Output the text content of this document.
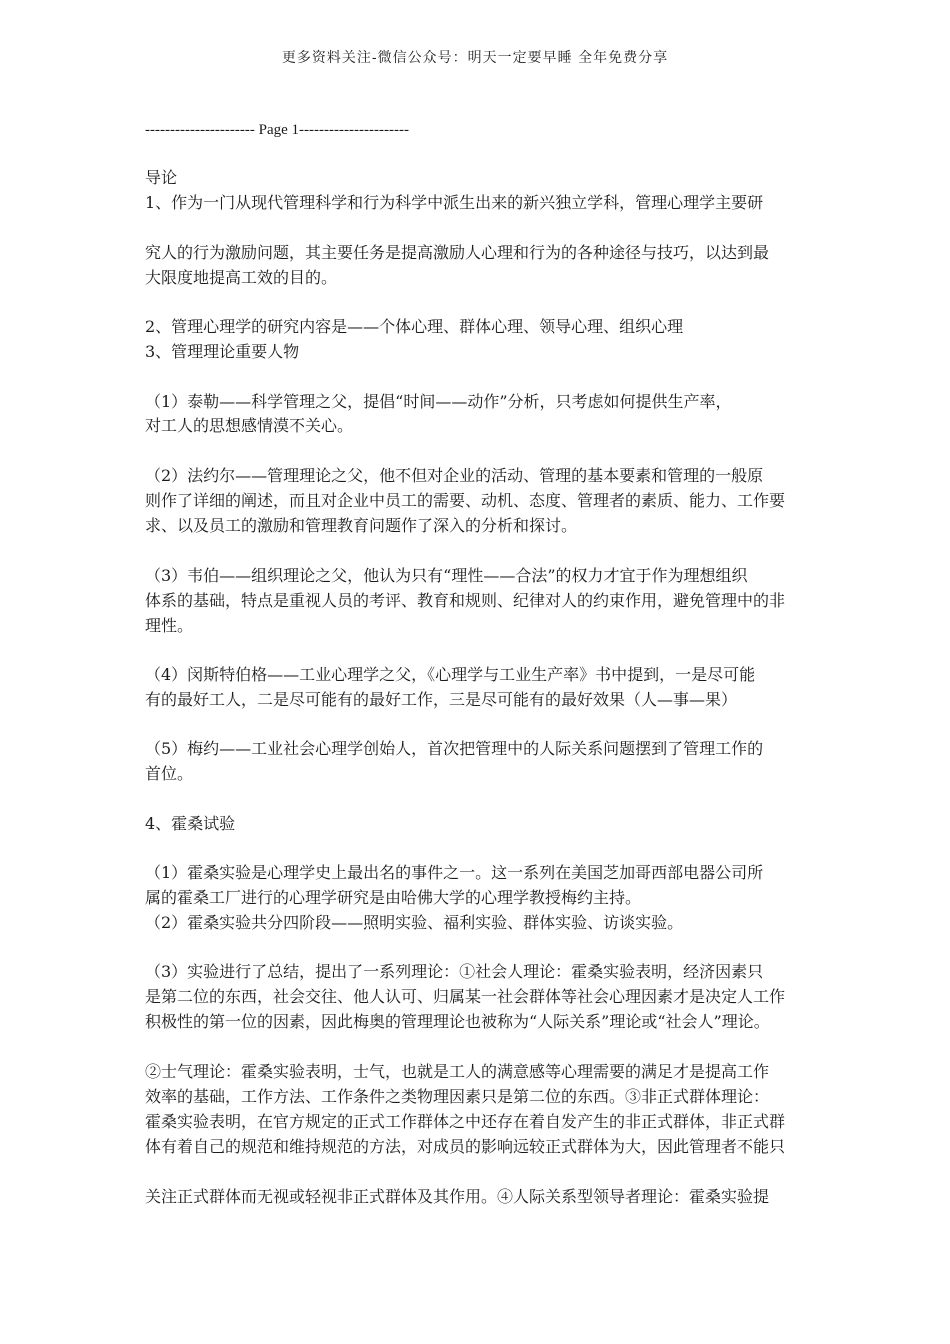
更多资料关注-微信公众号：明天一定要早睡 全年免费分享
---------------------- Page 1----------------------
导论
1、作为一门从现代管理科学和行为科学中派生出来的新兴独立学科，管理心理学主要研
究人的行为激励问题，其主要任务是提高激励人心理和行为的各种途径与技巧，以达到最
大限度地提高工效的目的。
2、管理心理学的研究内容是——个体心理、群体心理、领导心理、组织心理
3、管理理论重要人物
（1）泰勒——科学管理之父，提倡“时间——动作”分析，只考虑如何提供生产率，
对工人的思想感情漠不关心。
（2）法约尔——管理理论之父，他不但对企业的活动、管理的基本要素和管理的一般原
则作了详细的阐述，而且对企业中员工的需要、动机、态度、管理者的素质、能力、工作要
求、以及员工的激励和管理教育问题作了深入的分析和探讨。
（3）韦伯——组织理论之父，他认为只有“理性——合法”的权力才宜于作为理想组织
体系的基础，特点是重视人员的考评、教育和规则、纪律对人的约束作用，避免管理中的非
理性。
（4）闵斯特伯格——工业心理学之父，《心理学与工业生产率》书中提到，一是尽可能
有的最好工人，二是尽可能有的最好工作，三是尽可能有的最好效果（人—事—果）
（5）梅约——工业社会心理学创始人，首次把管理中的人际关系问题摆到了管理工作的
首位。
4、霍桑试验
（1）霍桑实验是心理学史上最出名的事件之一。这一系列在美国芝加哥西部电器公司所
属的霍桑工厂进行的心理学研究是由哈佛大学的心理学教授梅约主持。
（2）霍桑实验共分四阶段——照明实验、福利实验、群体实验、访谈实验。
（3）实验进行了总结，提出了一系列理论：①社会人理论：霍桑实验表明，经济因素只
是第二位的东西，社会交往、他人认可、归属某一社会群体等社会心理因素才是决定人工作
积极性的第一位的因素，因此梅奥的管理理论也被称为“人际关系”理论或“社会人”理论。
②士气理论：霍桑实验表明，士气，也就是工人的满意感等心理需要的满足才是提高工作
效率的基础，工作方法、工作条件之类物理因素只是第二位的东西。③非正式群体理论：
霍桑实验表明，在官方规定的正式工作群体之中还存在着自发产生的非正式群体，非正式群
体有着自己的规范和维持规范的方法，对成员的影响远较正式群体为大，因此管理者不能只
关注正式群体而无视或轻视非正式群体及其作用。④人际关系型领导者理论：霍桑实验提
